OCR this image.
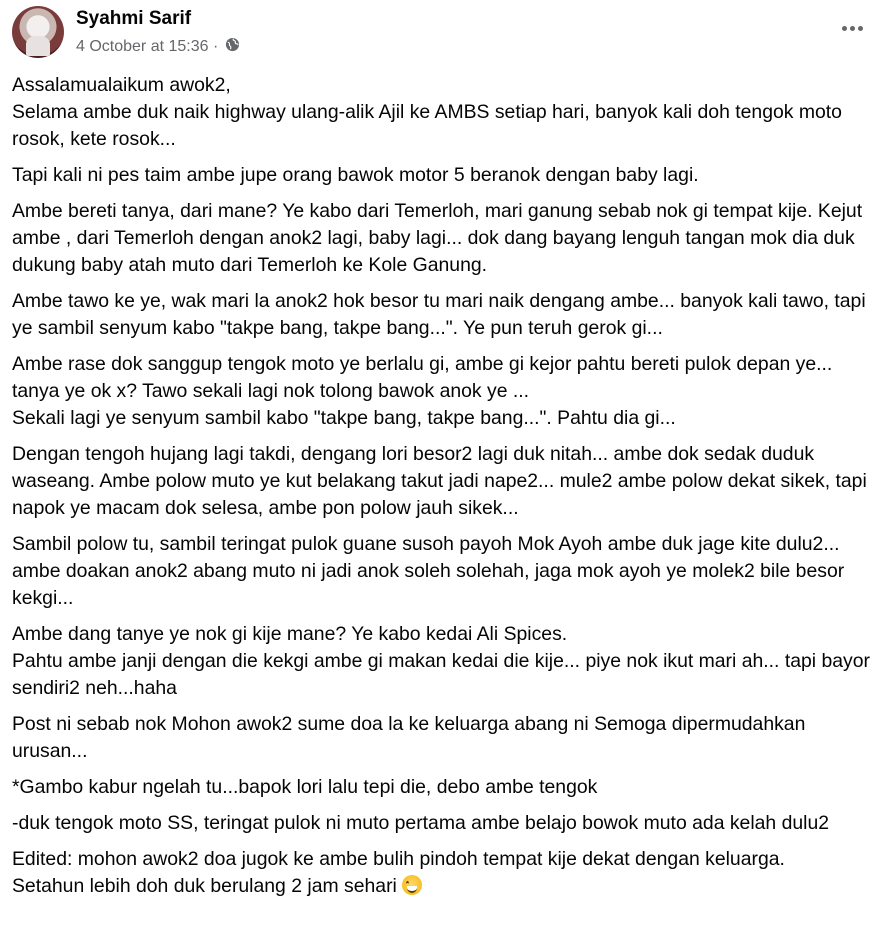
Syahmi Sarif
4 October at 15:36 ·

Assalamualaikum awok2,
Selama ambe duk naik highway ulang-alik Ajil ke AMBS setiap hari, banyok kali doh tengok moto rosok, kete rosok...

Tapi kali ni pes taim ambe jupe orang bawok motor 5 beranok dengan baby lagi.

Ambe bereti tanya, dari mane? Ye kabo dari Temerloh, mari ganung sebab nok gi tempat kije. Kejut ambe , dari Temerloh dengan anok2 lagi, baby lagi... dok dang bayang lenguh tangan mok dia duk dukung baby atah muto dari Temerloh ke Kole Ganung.

Ambe tawo ke ye, wak mari la anok2 hok besor tu mari naik dengang ambe... banyok kali tawo, tapi ye sambil senyum kabo "takpe bang, takpe bang...". Ye pun teruh gerok gi...

Ambe rase dok sanggup tengok moto ye berlalu gi, ambe gi kejor pahtu bereti pulok depan ye... tanya ye ok x? Tawo sekali lagi nok tolong bawok anok ye ...
Sekali lagi ye senyum sambil kabo "takpe bang, takpe bang...". Pahtu dia gi...

Dengan tengoh hujang lagi takdi, dengang lori besor2 lagi duk nitah... ambe dok sedak duduk waseang. Ambe polow muto ye kut belakang takut jadi nape2... mule2 ambe polow dekat sikek, tapi napok ye macam dok selesa, ambe pon polow jauh sikek...

Sambil polow tu, sambil teringat pulok guane susoh payoh Mok Ayoh ambe duk jage kite dulu2... ambe doakan anok2 abang muto ni jadi anok soleh solehah, jaga mok ayoh ye molek2 bile besor kekgi...

Ambe dang tanye ye nok gi kije mane? Ye kabo kedai Ali Spices.
Pahtu ambe janji dengan die kekgi ambe gi makan kedai die kije... piye nok ikut mari ah... tapi bayor sendiri2 neh...haha

Post ni sebab nok Mohon awok2 sume doa la ke keluarga abang ni Semoga dipermudahkan urusan...

*Gambo kabur ngelah tu...bapok lori lalu tepi die, debo ambe tengok

-duk tengok moto SS, teringat pulok ni muto pertama ambe belajo bowok muto ada kelah dulu2

Edited: mohon awok2 doa jugok ke ambe bulih pindoh tempat kije dekat dengan keluarga.
Setahun lebih doh duk berulang 2 jam sehari
